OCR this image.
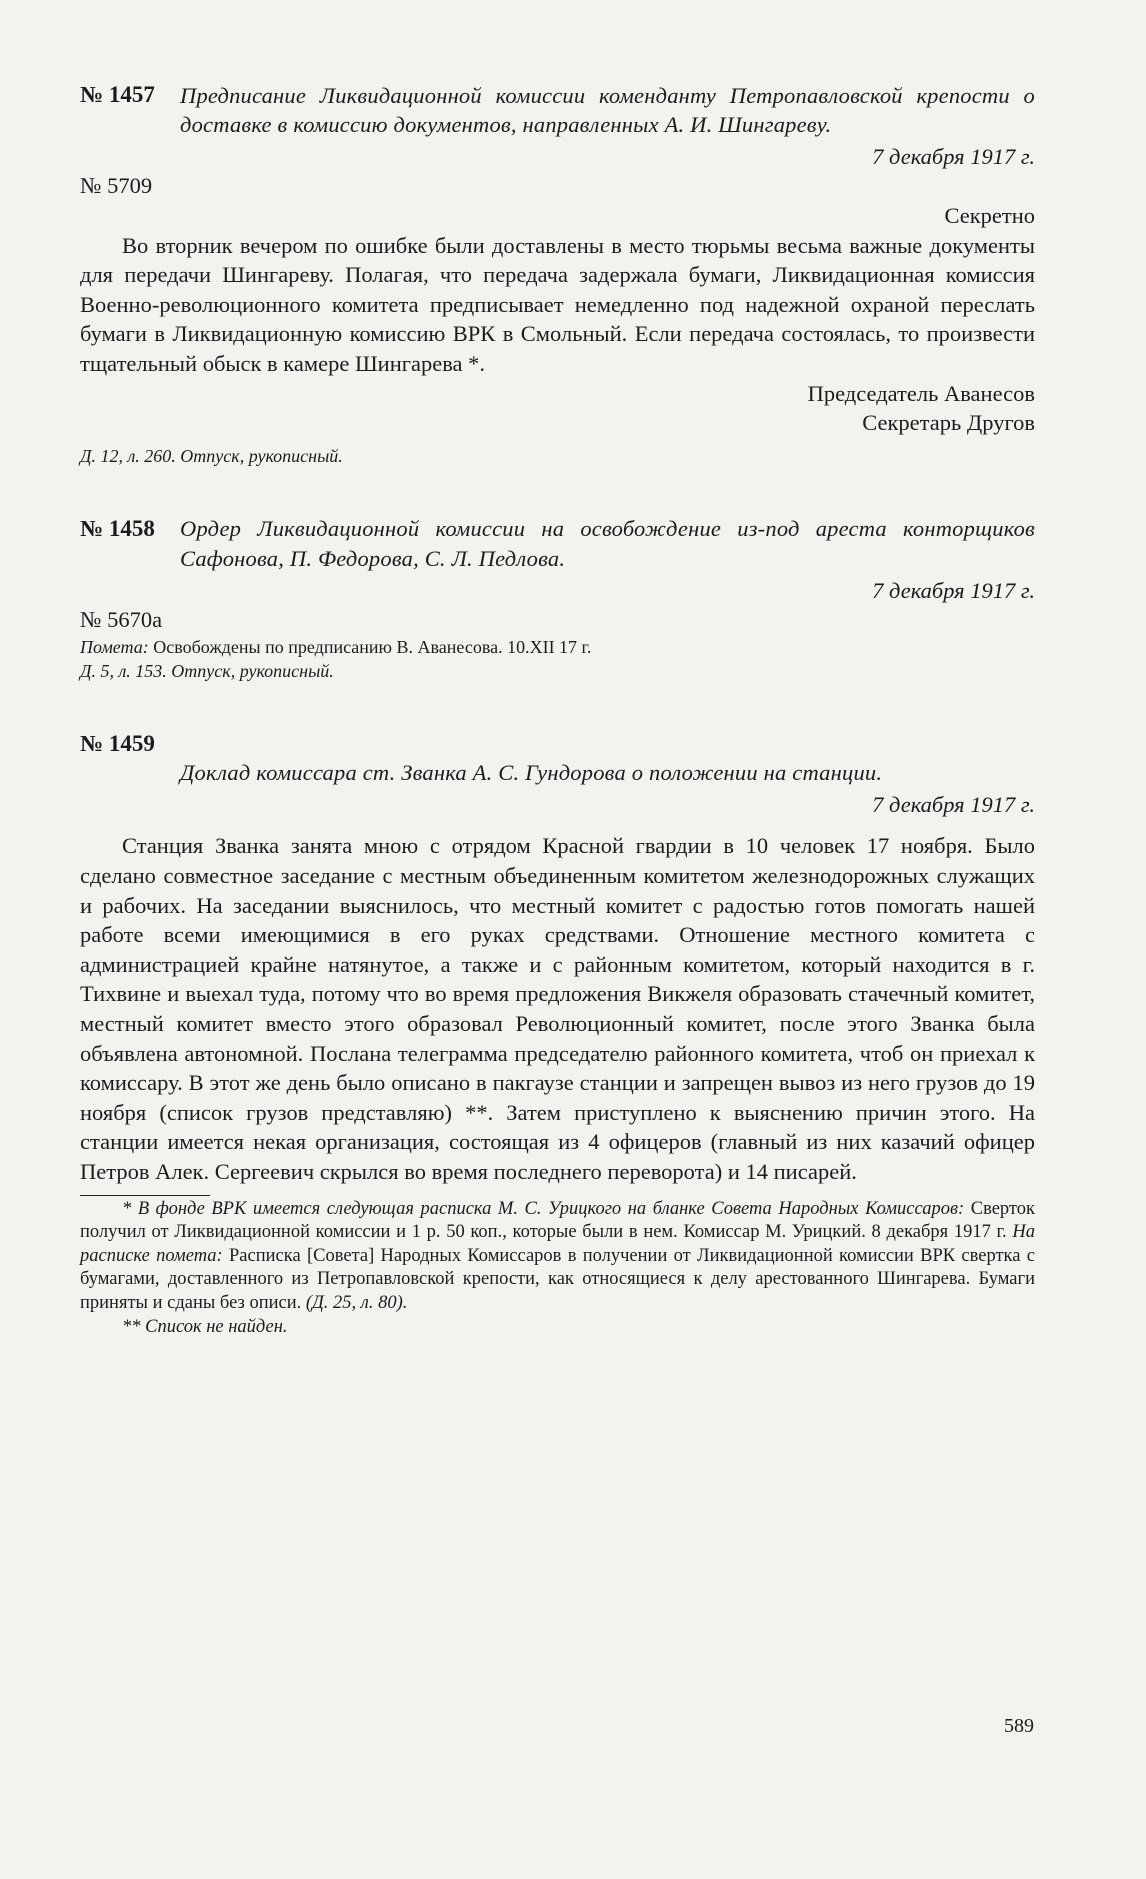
№ 1457	Предписание Ликвидационной комиссии коменданту Петропавловской крепости о доставке в комиссию документов, направленных А. И. Шингареву.

7 декабря 1917 г.

№ 5709

Секретно

Во вторник вечером по ошибке были доставлены в место тюрьмы весьма важные документы для передачи Шингареву. Полагая, что передача задержала бумаги, Ликвидационная комиссия Военно-революционного комитета предписывает немедленно под надежной охраной переслать бумаги в Ликвидационную комиссию ВРК в Смольный. Если передача состоялась, то произвести тщательный обыск в камере Шингарева *.

Председатель Аванесов

Секретарь Другов

Д. 12, л. 260. Отпуск, рукописный.

№ 1458	Ордер Ликвидационной комиссии на освобождение из-под ареста конторщиков Сафонова, П. Федорова, С. Л. Педлова.

7 декабря 1917 г.

№ 5670а

Помета: Освобождены по предписанию В. Аванесова. 10.XII 17 г.

Д. 5, л. 153. Отпуск, рукописный.

№ 1459

Доклад комиссара ст. Званка А. С. Гундорова о положении на станции.

7 декабря 1917 г.

Станция Званка занята мною с отрядом Красной гвардии в 10 человек 17 ноября. Было сделано совместное заседание с местным объединенным комитетом железнодорожных служащих и рабочих. На заседании выяснилось, что местный комитет с радостью готов помогать нашей работе всеми имеющимися в его руках средствами. Отношение местного комитета с администрацией крайне натянутое, а также и с районным комитетом, который находится в г. Тихвине и выехал туда, потому что во время предложения Викжеля образовать стачечный комитет, местный комитет вместо этого образовал Революционный комитет, после этого Званка была объявлена автономной. Послана телеграмма председателю районного комитета, чтоб он приехал к комиссару. В этот же день было описано в пакгаузе станции и запрещен вывоз из него грузов до 19 ноября (список грузов представляю) **. Затем приступлено к выяснению причин этого. На станции имеется некая организация, состоящая из 4 офицеров (главный из них казачий офицер Петров Алек. Сергеевич скрылся во время последнего переворота) и 14 писарей.

* В фонде ВРК имеется следующая расписка М. С. Урицкого на бланке Совета Народных Комиссаров: Сверток получил от Ликвидационной комиссии и 1 р. 50 коп., которые были в нем. Комиссар М. Урицкий. 8 декабря 1917 г. На расписке помета: Расписка [Совета] Народных Комиссаров в получении от Ликвидационной комиссии ВРК свертка с бумагами, доставленного из Петропавловской крепости, как относящиеся к делу арестованного Шингарева. Бумаги приняты и сданы без описи. (Д. 25, л. 80).

** Список не найден.

589
